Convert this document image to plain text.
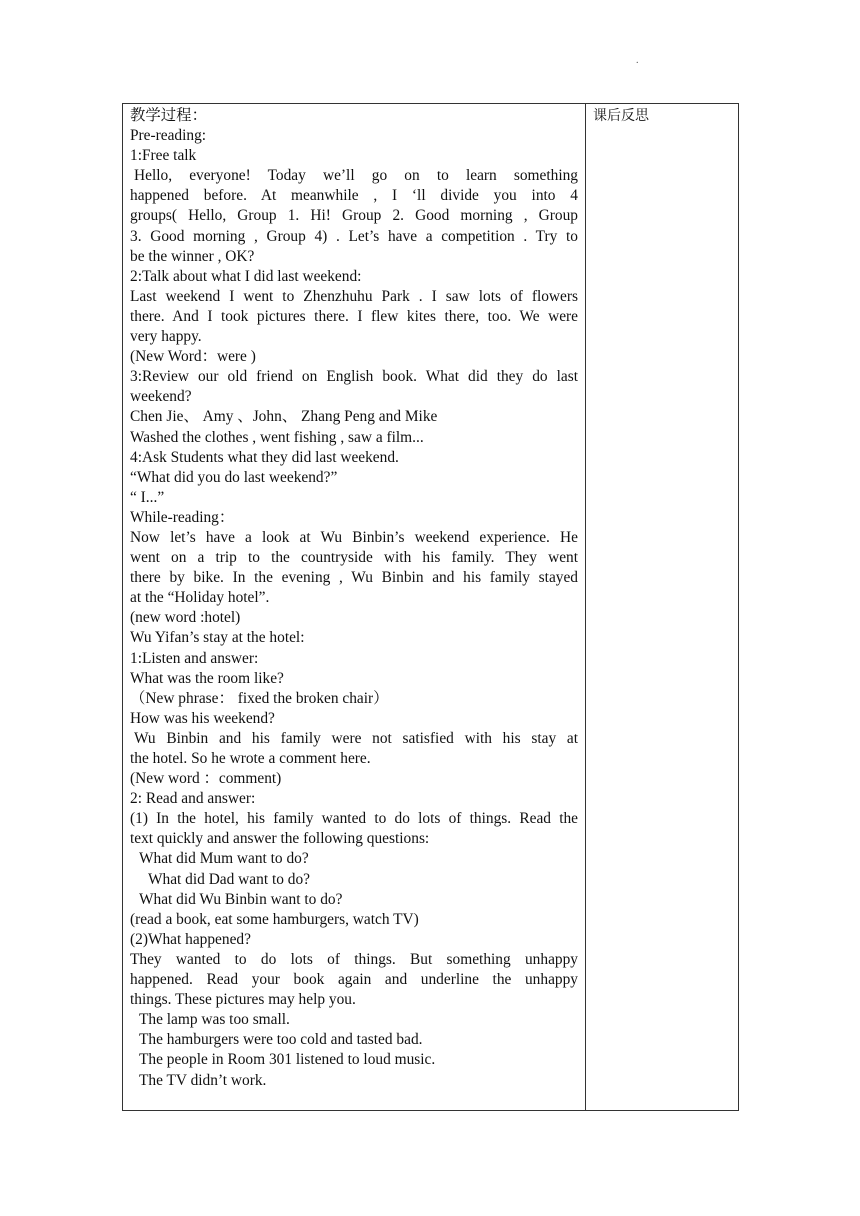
.
教学过程：
Pre-reading:
1:Free talk
Hello, everyone! Today we’ll go on to learn something
happened before. At meanwhile , I ‘ll divide you into 4
groups( Hello, Group 1. Hi! Group 2. Good morning , Group
3. Good morning , Group 4) . Let’s have a competition . Try to
be the winner , OK?
2:Talk about what I did last weekend:
Last weekend I went to Zhenzhuhu Park . I saw lots of flowers
there. And I took pictures there. I flew kites there, too. We were
very happy.
(New Word：were )
3:Review our old friend on English book. What did they do last
weekend?
Chen Jie、 Amy 、John、 Zhang Peng and Mike
Washed the clothes , went fishing , saw a film...
4:Ask Students what they did last weekend.
“What did you do last weekend?”
“ I...”
While-reading：
Now let’s have a look at Wu Binbin’s weekend experience. He
went on a trip to the countryside with his family. They went
there by bike. In the evening , Wu Binbin and his family stayed
at the “Holiday hotel”.
(new word :hotel)
Wu Yifan’s stay at the hotel:
1:Listen and answer:
What was the room like?
（New phrase： fixed the broken chair）
How was his weekend?
Wu Binbin and his family were not satisfied with his stay at
the hotel. So he wrote a comment here.
(New word ：comment)
2: Read and answer:
(1) In the hotel, his family wanted to do lots of things. Read the
text quickly and answer the following questions:
What did Mum want to do?
What did Dad want to do?
What did Wu Binbin want to do?
(read a book, eat some hamburgers, watch TV)
(2)What happened?
They wanted to do lots of things. But something unhappy
happened. Read your book again and underline the unhappy
things. These pictures may help you.
The lamp was too small.
The hamburgers were too cold and tasted bad.
The people in Room 301 listened to loud music.
The TV didn’t work.

课后反思
